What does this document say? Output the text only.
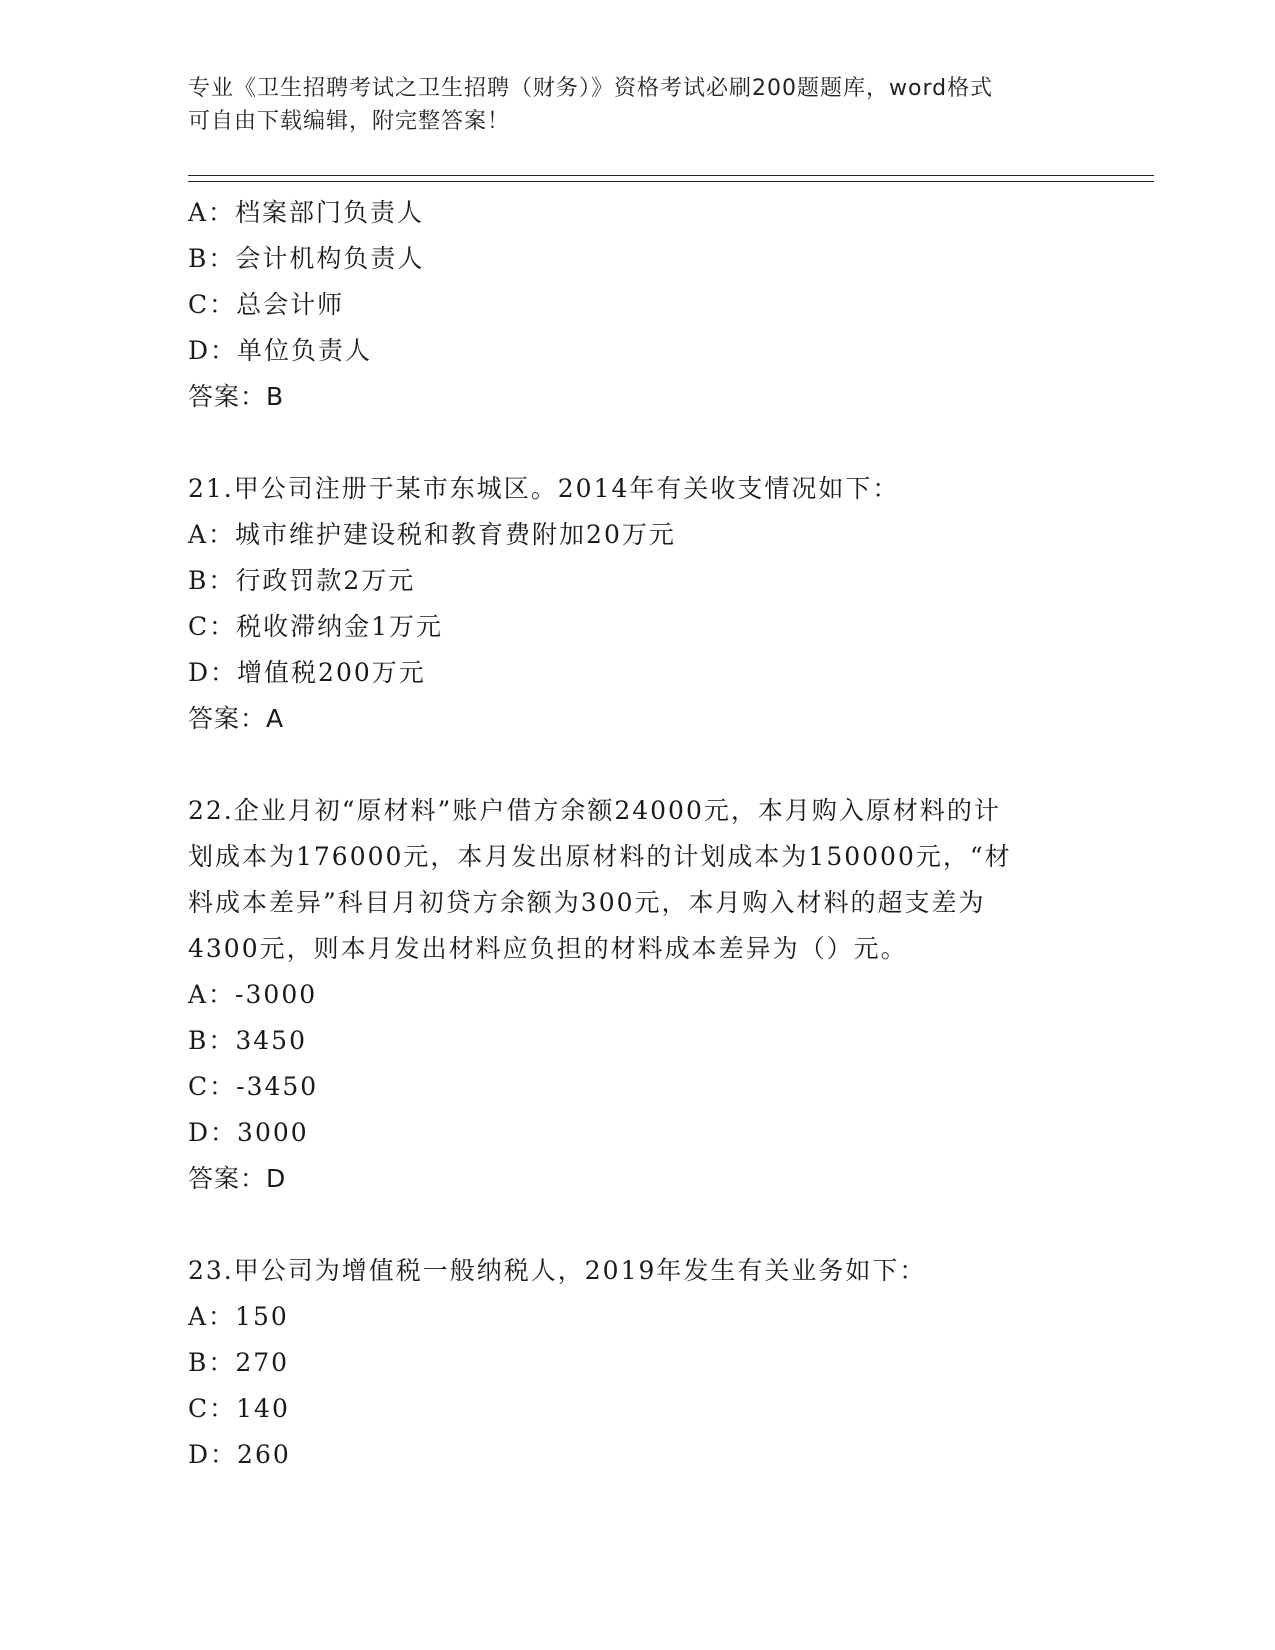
专业《卫生招聘考试之卫生招聘（财务）》资格考试必刷200题题库，word格式
可自由下载编辑，附完整答案！
A：档案部门负责人
B：会计机构负责人
C：总会计师
D：单位负责人
答案：B
21.甲公司注册于某市东城区。2014年有关收支情况如下：
A：城市维护建设税和教育费附加20万元
B：行政罚款2万元
C：税收滞纳金1万元
D：增值税200万元
答案：A
22.企业月初“原材料”账户借方余额24000元，本月购入原材料的计
划成本为176000元，本月发出原材料的计划成本为150000元，“材
料成本差异”科目月初贷方余额为300元，本月购入材料的超支差为
4300元，则本月发出材料应负担的材料成本差异为（）元。
A：-3000
B：3450
C：-3450
D：3000
答案：D
23.甲公司为增值税一般纳税人，2019年发生有关业务如下：
A：150
B：270
C：140
D：260
